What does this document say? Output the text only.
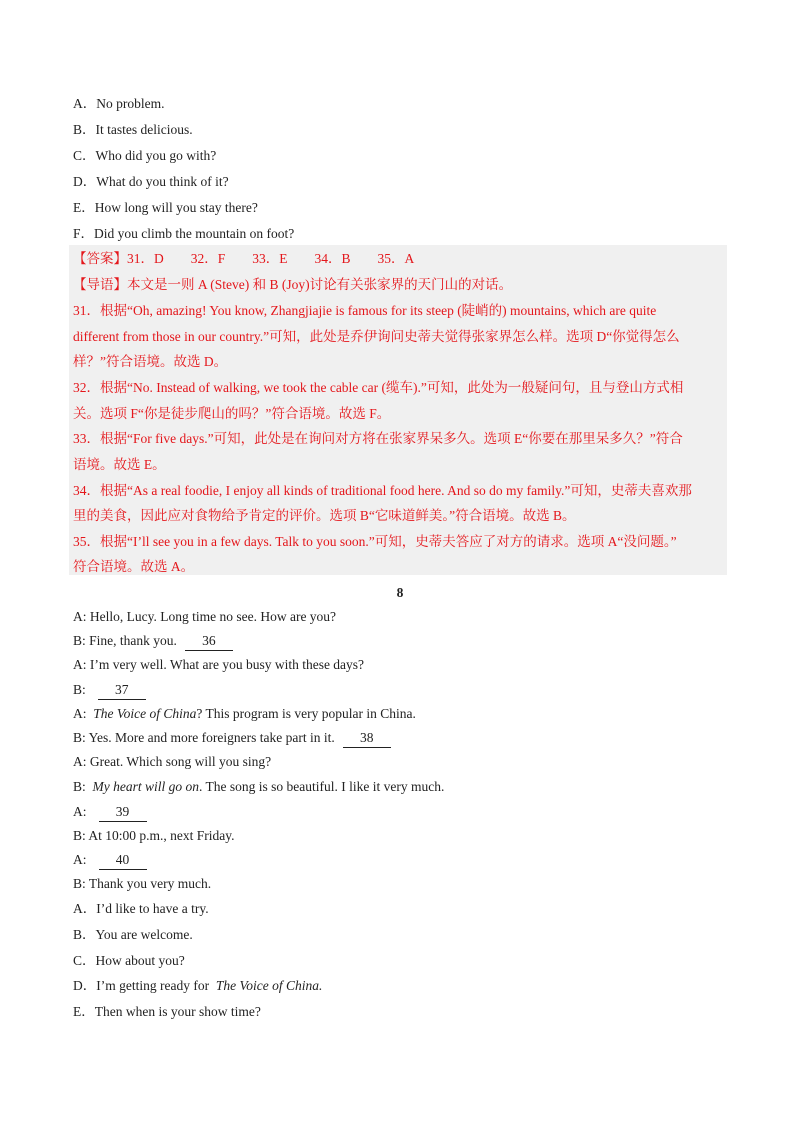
A．No problem.
B．It tastes delicious.
C．Who did you go with?
D．What do you think of it?
E．How long will you stay there?
F．Did you climb the mountain on foot?
【答案】31．D　　32．F　　33．E　　34．B　　35．A
【导语】本文是一则 A (Steve) 和 B (Joy)讨论有关张家界的天门山的对话。
31．根据“Oh, amazing! You know, Zhangjiajie is famous for its steep (陡峭的) mountains, which are quite
different from those in our country.”可知，此处是乔伊询问史蒂夫觉得张家界怎么样。选项 D“你觉得怎么
样？”符合语境。故选 D。
32．根据“No. Instead of walking, we took the cable car (缆车).”可知，此处为一般疑问句，且与登山方式相
关。选项 F“你是徒步爬山的吗？”符合语境。故选 F。
33．根据“For five days.”可知，此处是在询问对方将在张家界呆多久。选项 E“你要在那里呆多久？”符合
语境。故选 E。
34．根据“As a real foodie, I enjoy all kinds of traditional food here. And so do my family.”可知，史蒂夫喜欢那
里的美食，因此应对食物给予肯定的评价。选项 B“它味道鲜美。”符合语境。故选 B。
35．根据“I’ll see you in a few days. Talk to you soon.”可知，史蒂夫答应了对方的请求。选项 A“没问题。”
符合语境。故选 A。
8
A: Hello, Lucy. Long time no see. How are you?
B: Fine, thank you. 36
A: I’m very well. What are you busy with these days?
B: 37
A: The Voice of China? This program is very popular in China.
B: Yes. More and more foreigners take part in it. 38
A: Great. Which song will you sing?
B: My heart will go on. The song is so beautiful. I like it very much.
A: 39
B: At 10:00 p.m., next Friday.
A: 40
B: Thank you very much.
A．I’d like to have a try.
B．You are welcome.
C．How about you?
D．I’m getting ready for The Voice of China.
E．Then when is your show time?
